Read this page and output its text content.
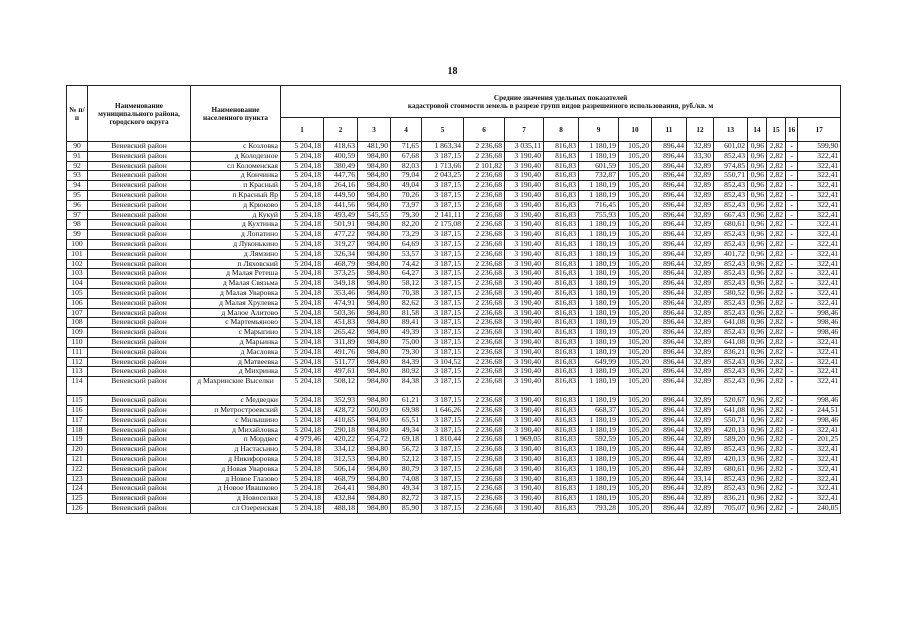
18
№ п/п	Наименование муниципального района, городского округа	Наименование населенного пункта	Средние значения удельных показателей
кадастровой стоимости земель в разрезе групп видов разрешенного использования, руб./кв. м																

			1	2	3	4	5	6	7	8	9	10	11	12	13	14	15	16	17
90	Веневский район	с Козловка	5 204,18	418,63	481,90	71,65	1 863,34	2 236,68	3 035,11	816,83	1 180,19	105,20	896,44	32,89	601,02	0,96	2,82	-	599,90
91	Веневский район	д Колодезное	5 204,18	400,59	984,80	67,68	3 187,15	2 236,68	3 190,40	816,83	1 180,19	105,20	896,44	33,30	852,43	0,96	2,82	-	322,41
92	Веневский район	сл Коломенская	5 204,18	380,49	984,80	82,03	1 713,66	2 101,82	3 190,40	816,83	601,59	105,20	896,44	32,89	974,85	0,96	2,82	-	322,41
93	Веневский район	д Кончинка	5 204,18	447,76	984,80	79,04	2 043,25	2 236,68	3 190,40	816,83	732,87	105,20	896,44	32,89	550,71	0,96	2,82	-	322,41
94	Веневский район	п Красный	5 204,18	264,16	984,80	49,04	3 187,15	2 236,68	3 190,40	816,83	1 180,19	105,20	896,44	32,89	852,43	0,96	2,82	-	322,41
95	Веневский район	п Красный Яр	5 204,18	449,50	984,80	70,26	3 187,15	2 236,68	3 190,40	816,83	1 180,19	105,20	896,44	32,89	852,43	0,96	2,82	-	322,41
96	Веневский район	д Крюково	5 204,18	441,56	984,80	73,97	3 187,15	2 236,68	3 190,40	816,83	716,45	105,20	896,44	32,89	852,43	0,96	2,82	-	322,41
97	Веневский район	д Кукуй	5 204,18	493,49	545,55	79,30	2 141,11	2 236,68	3 190,40	816,83	755,93	105,20	896,44	32,89	667,43	0,96	2,82	-	322,41
98	Веневский район	д Кухтинка	5 204,18	501,91	984,80	82,20	2 175,08	2 236,68	3 190,40	816,83	1 180,19	105,20	896,44	32,89	680,61	0,96	2,82	-	322,41
99	Веневский район	д Лопатино	5 204,18	477,22	984,80	73,29	3 187,15	2 236,68	3 190,40	816,83	1 180,19	105,20	896,44	32,89	852,43	0,96	2,82	-	322,41
100	Веневский район	д Луконькино	5 204,18	319,27	984,80	64,69	3 187,15	2 236,68	3 190,40	816,83	1 180,19	105,20	896,44	32,89	852,43	0,96	2,82	-	322,41
101	Веневский район	д Лямзино	5 204,18	326,34	984,80	53,57	3 187,15	2 236,68	3 190,40	816,83	1 180,19	105,20	896,44	32,89	401,72	0,96	2,82	-	322,41
102	Веневский район	п Ляховский	5 204,18	468,79	984,80	74,42	3 187,15	2 236,68	3 190,40	816,83	1 180,19	105,20	896,44	32,89	852,43	0,96	2,82	-	322,41
103	Веневский район	д Малая Ретеша	5 204,18	373,25	984,80	64,27	3 187,15	2 236,68	3 190,40	816,83	1 180,19	105,20	896,44	32,89	852,43	0,96	2,82	-	322,41
104	Веневский район	д Малая Связьма	5 204,18	349,18	984,80	58,12	3 187,15	2 236,68	3 190,40	816,83	1 180,19	105,20	896,44	32,89	852,43	0,96	2,82	-	322,41
105	Веневский район	д Малая Уваровка	5 204,18	353,46	984,80	70,38	3 187,15	2 236,68	3 190,40	816,83	1 180,19	105,20	896,44	32,89	580,52	0,96	2,82	-	322,41
106	Веневский район	д Малая Хрулевка	5 204,18	474,91	984,80	82,62	3 187,15	2 236,68	3 190,40	816,83	1 180,19	105,20	896,44	32,89	852,43	0,96	2,82	-	322,41
107	Веневский район	д Малое Алитово	5 204,18	503,36	984,80	81,58	3 187,15	2 236,68	3 190,40	816,83	1 180,19	105,20	896,44	32,89	852,43	0,96	2,82	-	998,46
108	Веневский район	с Мартемьяново	5 204,18	451,83	984,80	89,41	3 187,15	2 236,68	3 190,40	816,83	1 180,19	105,20	896,44	32,89	641,08	0,96	2,82	-	998,46
109	Веневский район	с Марыгино	5 204,18	265,42	984,80	49,39	3 187,15	2 236,68	3 190,40	816,83	1 180,19	105,20	896,44	32,89	852,43	0,96	2,82	-	998,46
110	Веневский район	д Марьинка	5 204,18	311,89	984,80	75,00	3 187,15	2 236,68	3 190,40	816,83	1 180,19	105,20	896,44	32,89	641,08	0,96	2,82	-	322,41
111	Веневский район	д Масловка	5 204,18	491,76	984,80	79,30	3 187,15	2 236,68	3 190,40	816,83	1 180,19	105,20	896,44	32,89	836,21	0,96	2,82	-	322,41
112	Веневский район	д Матвеевка	5 204,18	511,77	984,80	84,39	3 104,52	2 236,68	3 190,40	816,83	649,99	105,20	896,44	32,89	852,43	0,96	2,82	-	322,41
113	Веневский район	д Михринка	5 204,18	497,61	984,80	80,92	3 187,15	2 236,68	3 190,40	816,83	1 180,19	105,20	896,44	32,89	852,43	0,96	2,82	-	322,41
114	Веневский район	д Махринские Выселки	5 204,18	508,12	984,80	84,38	3 187,15	2 236,68	3 190,40	816,83	1 180,19	105,20	896,44	32,89	852,43	0,96	2,82	-	322,41
115	Веневский район	с Медведки	5 204,18	352,93	984,80	61,21	3 187,15	2 236,68	3 190,40	816,83	1 180,19	105,20	896,44	32,89	520,67	0,96	2,82	-	998,46
116	Веневский район	п Метростроевский	5 204,18	428,72	500,09	69,98	1 646,26	2 236,68	3 190,40	816,83	668,37	105,20	896,44	32,89	641,08	0,96	2,82	-	244,51
117	Веневский район	с Милышино	5 204,18	410,65	984,80	65,51	3 187,15	2 236,68	3 190,40	816,83	1 180,19	105,20	896,44	32,89	550,71	0,96	2,82	-	998,46
118	Веневский район	д Михайловка	5 204,18	290,18	984,80	49,34	3 187,15	2 236,68	3 190,40	816,83	1 180,19	105,20	896,44	32,89	420,13	0,96	2,82	-	322,41
119	Веневский район	п Мордвес	4 979,46	420,22	954,72	69,18	1 810,44	2 236,68	1 969,05	816,83	592,59	105,20	896,44	32,89	589,20	0,96	2,82	-	201,25
120	Веневский район	д Настасьино	5 204,18	334,12	984,80	56,72	3 187,15	2 236,68	3 190,40	816,83	1 180,19	105,20	896,44	32,89	852,43	0,96	2,82	-	322,41
121	Веневский район	д Никифоровка	5 204,18	312,53	984,80	52,12	3 187,15	2 236,68	3 190,40	816,83	1 180,19	105,20	896,44	32,89	420,13	0,96	2,82	-	322,41
122	Веневский район	д Новая Уваровка	5 204,18	506,14	984,80	80,79	3 187,15	2 236,68	3 190,40	816,83	1 180,19	105,20	896,44	32,89	680,61	0,96	2,82	-	322,41
123	Веневский район	д Новое Глазово	5 204,18	468,79	984,80	74,08	3 187,15	2 236,68	3 190,40	816,83	1 180,19	105,20	896,44	33,14	852,43	0,96	2,82	-	322,41
124	Веневский район	д Новое Ивашково	5 204,18	264,41	984,80	49,34	3 187,15	2 236,68	3 190,40	816,83	1 180,19	105,20	896,44	32,89	852,43	0,96	2,82	-	322,41
125	Веневский район	д Новоселки	5 204,18	432,84	984,80	82,72	3 187,15	2 236,68	3 190,40	816,83	1 180,19	105,20	896,44	32,89	836,21	0,96	2,82	-	322,41
126	Веневский район	сл Озеренская	5 204,18	488,18	984,80	85,90	3 187,15	2 236,68	3 190,40	816,83	793,28	105,20	896,44	32,89	705,07	0,96	2,82	-	240,05
